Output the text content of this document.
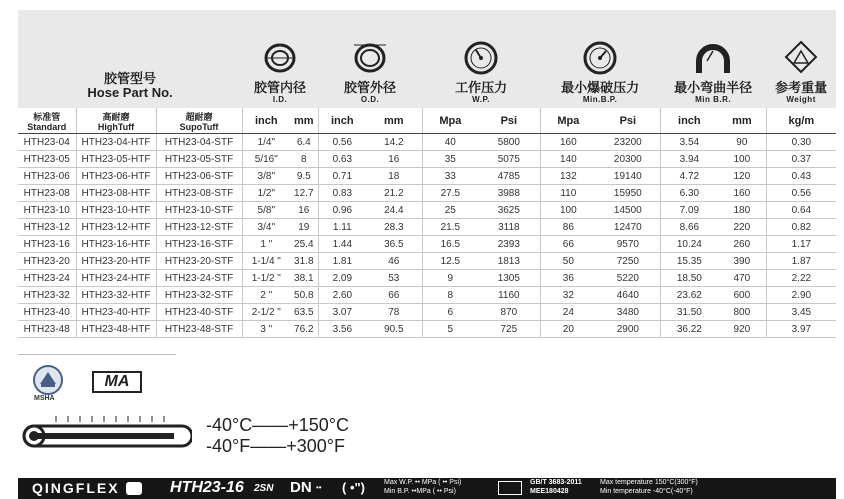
胶管型号
Hose Part No.			胶管内径
I.D.		胶管外径
O.D.		工作压力
W.P.		最小爆破压力
Min.B.P.		最小弯曲半径
Min B.R.		参考重量
Weight

标准管
Standard	高耐磨
HighTuff	超耐磨
SupoTuff	inch	mm	inch	mm	Mpa	Psi	Mpa	Psi	inch	mm	kg/m
HTH23-04	HTH23-04-HTF	HTH23-04-STF	1/4"	6.4	0.56	14.2	40	5800	160	23200	3.54	90	0.30
HTH23-05	HTH23-05-HTF	HTH23-05-STF	5/16"	8	0.63	16	35	5075	140	20300	3.94	100	0.37
HTH23-06	HTH23-06-HTF	HTH23-06-STF	3/8"	9.5	0.71	18	33	4785	132	19140	4.72	120	0.43
HTH23-08	HTH23-08-HTF	HTH23-08-STF	1/2"	12.7	0.83	21.2	27.5	3988	110	15950	6.30	160	0.56
HTH23-10	HTH23-10-HTF	HTH23-10-STF	5/8"	16	0.96	24.4	25	3625	100	14500	7.09	180	0.64
HTH23-12	HTH23-12-HTF	HTH23-12-STF	3/4"	19	1.11	28.3	21.5	3118	86	12470	8.66	220	0.82
HTH23-16	HTH23-16-HTF	HTH23-16-STF	1 "	25.4	1.44	36.5	16.5	2393	66	9570	10.24	260	1.17
HTH23-20	HTH23-20-HTF	HTH23-20-STF	1-1/4 "	31.8	1.81	46	12.5	1813	50	7250	15.35	390	1.87
HTH23-24	HTH23-24-HTF	HTH23-24-STF	1-1/2 "	38.1	2.09	53	9	1305	36	5220	18.50	470	2.22
HTH23-32	HTH23-32-HTF	HTH23-32-STF	2 "	50.8	2.60	66	8	1160	32	4640	23.62	600	2.90
HTH23-40	HTH23-40-HTF	HTH23-40-STF	2-1/2 "	63.5	3.07	78	6	870	24	3480	31.50	800	3.45
HTH23-48	HTH23-48-HTF	HTH23-48-STF	3 "	76.2	3.56	90.5	5	725	20	2900	36.22	920	3.97
MSHA
MA
-40°C——+150°C
-40°F——+300°F
QINGFLEX	HTH23-16 2SN DN •• ( •")	Max W.P. •• MPa ( •• Psi)
Min B.P. ••MPa ( •• Psi)
GB/T 3683-2011
MEE180428
Max temperature 150°C(300°F)
Min temperature -40°C(-40°F)
